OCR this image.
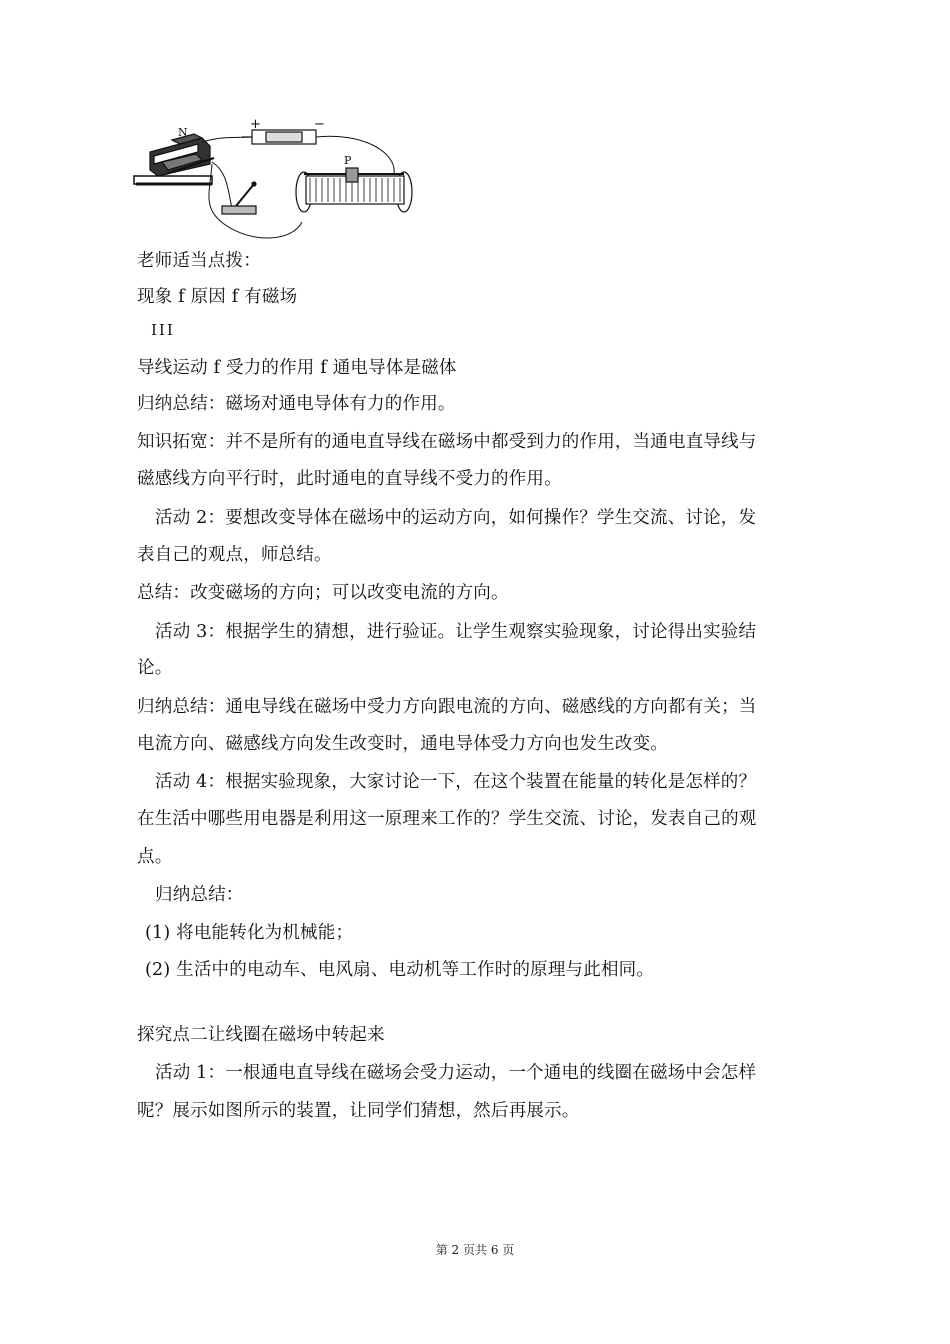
N
+	−
P
老师适当点拨：
现象 f 原因 f 有磁场
III
导线运动 f 受力的作用 f 通电导体是磁体
归纳总结：磁场对通电导体有力的作用。
知识拓宽：并不是所有的通电直导线在磁场中都受到力的作用，当通电直导线与
磁感线方向平行时，此时通电的直导线不受力的作用。
活动 2：要想改变导体在磁场中的运动方向，如何操作？学生交流、讨论，发
表自己的观点，师总结。
总结：改变磁场的方向；可以改变电流的方向。
活动 3：根据学生的猜想，进行验证。让学生观察实验现象，讨论得出实验结
论。
归纳总结：通电导线在磁场中受力方向跟电流的方向、磁感线的方向都有关；当
电流方向、磁感线方向发生改变时，通电导体受力方向也发生改变。
活动 4：根据实验现象，大家讨论一下，在这个装置在能量的转化是怎样的？
在生活中哪些用电器是利用这一原理来工作的？学生交流、讨论，发表自己的观
点。
归纳总结：
(1) 将电能转化为机械能；
(2) 生活中的电动车、电风扇、电动机等工作时的原理与此相同。
探究点二让线圈在磁场中转起来
活动 1：一根通电直导线在磁场会受力运动，一个通电的线圈在磁场中会怎样
呢？展示如图所示的装置，让同学们猜想，然后再展示。
第 2 页共 6 页
